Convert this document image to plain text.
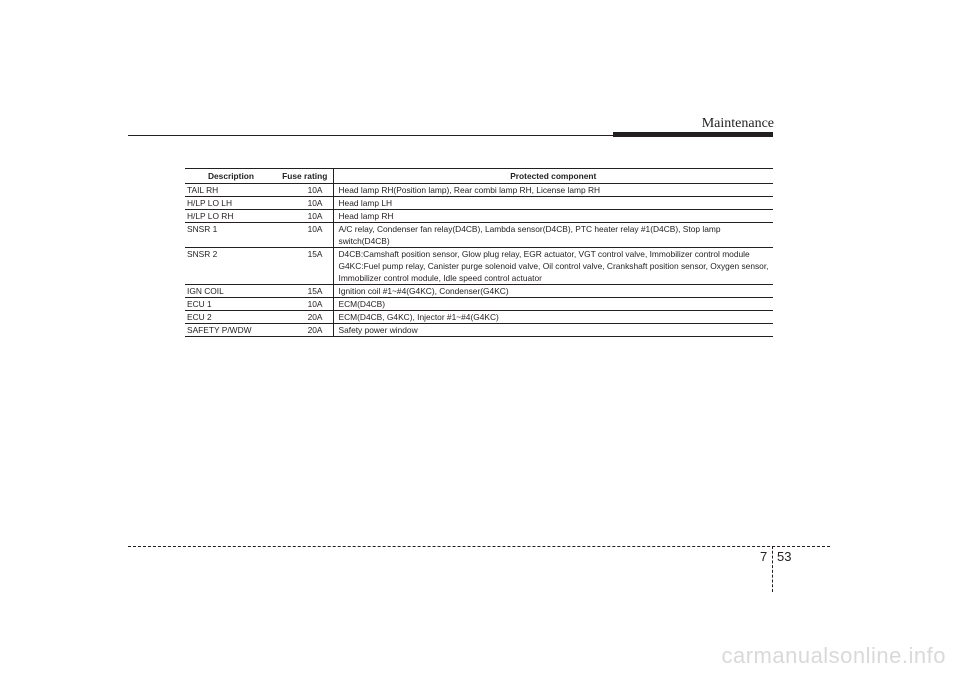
Maintenance
Description	Fuse rating	Protected component
TAIL RH	10A	Head lamp RH(Position lamp), Rear combi lamp RH, License lamp RH
H/LP LO LH	10A	Head lamp LH
H/LP LO RH	10A	Head lamp RH
SNSR 1	10A	A/C relay, Condenser fan relay(D4CB), Lambda sensor(D4CB), PTC heater relay #1(D4CB), Stop lamp switch(D4CB)
SNSR 2	15A	D4CB:Camshaft position sensor, Glow plug relay, EGR actuator, VGT control valve, Immobilizer control module G4KC:Fuel pump relay, Canister purge solenoid valve, Oil control valve, Crankshaft position sensor, Oxygen sensor, Immobilizer control module, Idle speed control actuator
IGN COIL	15A	Ignition coil #1~#4(G4KC), Condenser(G4KC)
ECU 1	10A	ECM(D4CB)
ECU 2	20A	ECM(D4CB, G4KC), Injector #1~#4(G4KC)
SAFETY P/WDW	20A	Safety power window
7 53
carmanualsonline.info
